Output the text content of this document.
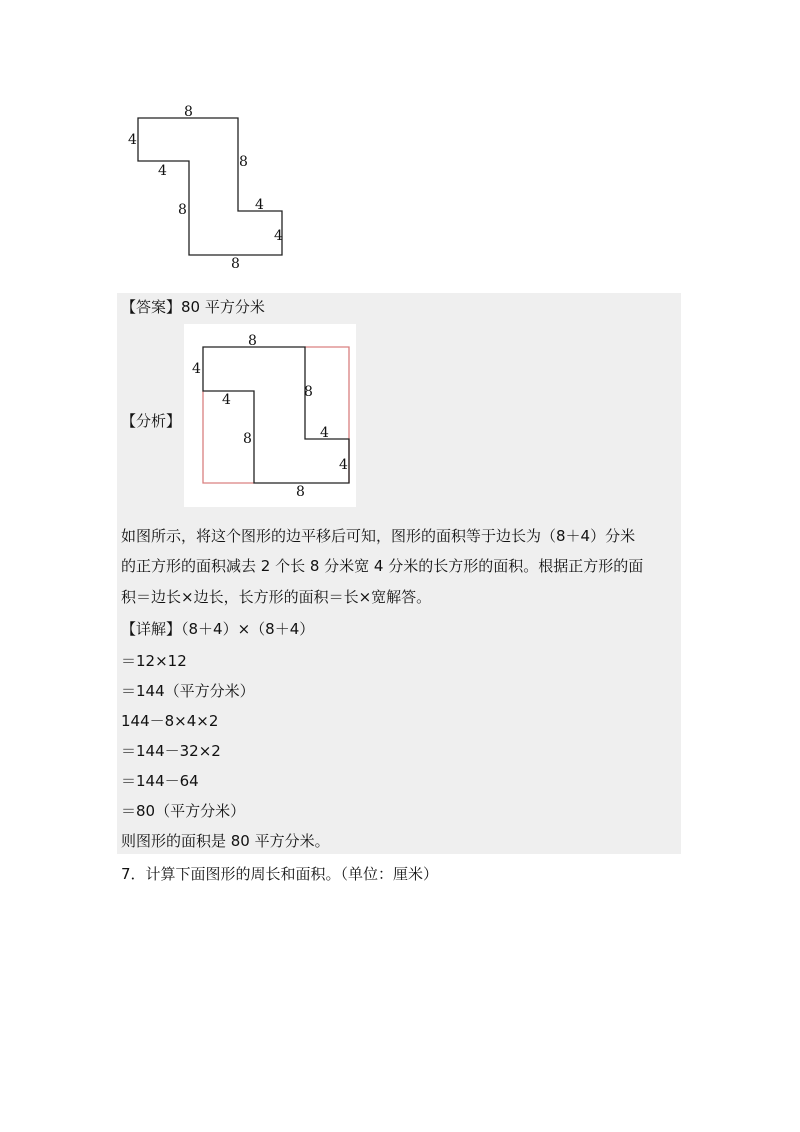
8
4
4
8
8
4
4
8
【答案】80 平方分米
【分析】
8
4
4
8
8
4
4
8
如图所示，将这个图形的边平移后可知，图形的面积等于边长为（8＋4）分米
的正方形的面积减去 2 个长 8 分米宽 4 分米的长方形的面积。根据正方形的面
积＝边长×边长，长方形的面积＝长×宽解答。
【详解】（8＋4）×（8＋4）
＝12×12
＝144（平方分米）
144－8×4×2
＝144－32×2
＝144－64
＝80（平方分米）
则图形的面积是 80 平方分米。
7．计算下面图形的周长和面积。（单位：厘米）
